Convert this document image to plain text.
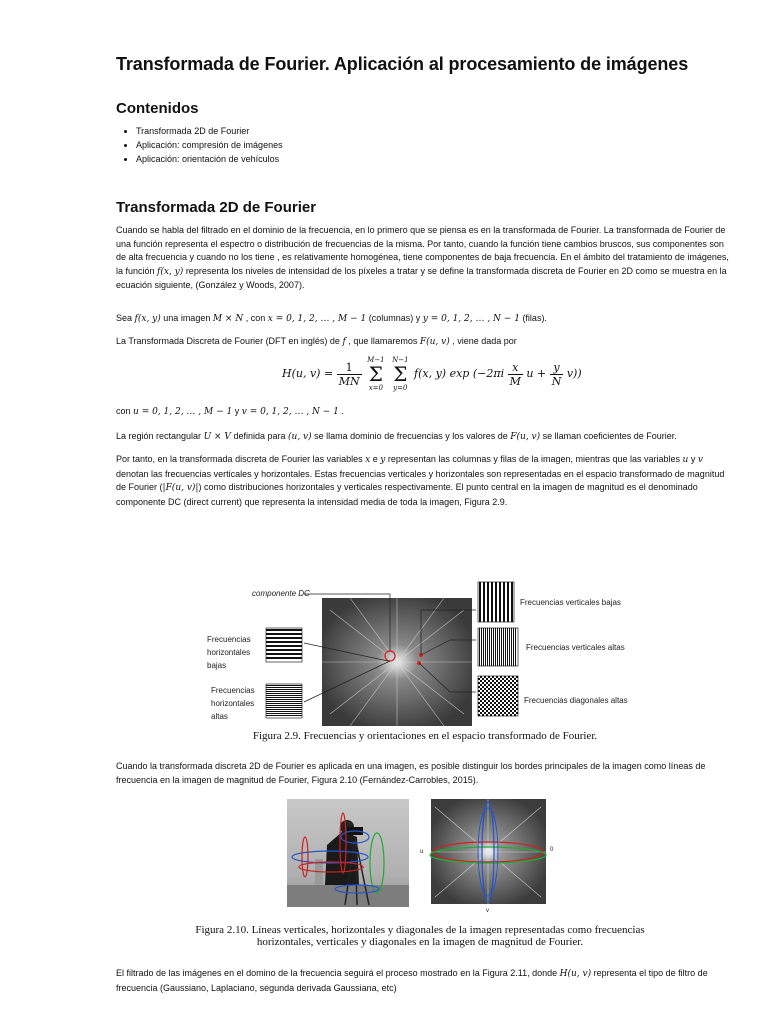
Transformada de Fourier. Aplicación al procesamiento de imágenes
Contenidos
• Transformada 2D de Fourier
• Aplicación: compresión de imágenes
• Aplicación: orientación de vehículos
Transformada 2D de Fourier

Cuando se habla del filtrado en el dominio de la frecuencia, en lo primero que se piensa es en la transformada de Fourier. La transformada de Fourier de una función representa el espectro o distribución de frecuencias de la misma. Por tanto, cuando la función tiene cambios bruscos, sus componentes son de alta frecuencia y cuando no los tiene , es relativamente homogénea, tiene componentes de baja frecuencia. En el ámbito del tratamiento de imágenes, la función f(x, y) representa los niveles de intensidad de los píxeles a tratar y se define la transformada discreta de Fourier en 2D como se muestra en la ecuación siguiente, (González y Woods, 2007).

Sea f(x, y) una imagen M × N , con x = 0, 1, 2, … , M − 1 (columnas) y y = 0, 1, 2, … , N − 1 (filas).

La Transformada Discreta de Fourier (DFT en inglés) de f , que llamaremos F(u, v) , viene dada por

H(u, $v) = \frac{1}{MN}$

M−1
Σ
x=0

N−1
Σ
y=0
f(x, y) $\exp (-2\pi i \frac{x}{M}$ $u + \frac{y}{N} v$))

con u = 0, 1, 2, … , M − 1 y v = 0, 1, 2, … , N − 1 .

La región rectangular U × V definida para (u, v) se llama dominio de frecuencias y los valores de F(u, v) se llaman coeficientes de Fourier.

Por tanto, en la transformada discreta de Fourier las variables x e y representan las columnas y filas de la imagen, mientras que las variables u y v denotan las frecuencias verticales y horizontales. Estas frecuencias verticales y horizontales son representadas en el espacio transformado de magnitud de Fourier (|F(u, v)|) como distribuciones horizontales y verticales respectivamente. El punto central en la imagen de magnitud es el denominado componente DC (direct current) que representa la intensidad media de toda la imagen, Figura 2.9.

componente DC
Frecuencias
horizontales
bajas
Frecuencias
horizontales
altas
Frecuencias verticales bajas
Frecuencias verticales altas
Frecuencias diagonales altas
Figura 2.9. Frecuencias y orientaciones en el espacio transformado de Fourier.

Cuando la transformada discreta 2D de Fourier es aplicada en una imagen, es posible distinguir los bordes principales de la imagen como líneas de frecuencia en la imagen de magnitud de Fourier, Figura 2.10 (Fernández-Carrobles, 2015).

u	0
v
Figura 2.10. Líneas verticales, horizontales y diagonales de la imagen representadas como frecuencias
horizontales, verticales y diagonales en la imagen de magnitud de Fourier.

El filtrado de las imágenes en el domino de la frecuencia seguirá el proceso mostrado en la Figura 2.11, donde H(u, v) representa el tipo de filtro de frecuencia (Gaussiano, Laplaciano, segunda derivada Gaussiana, etc)
